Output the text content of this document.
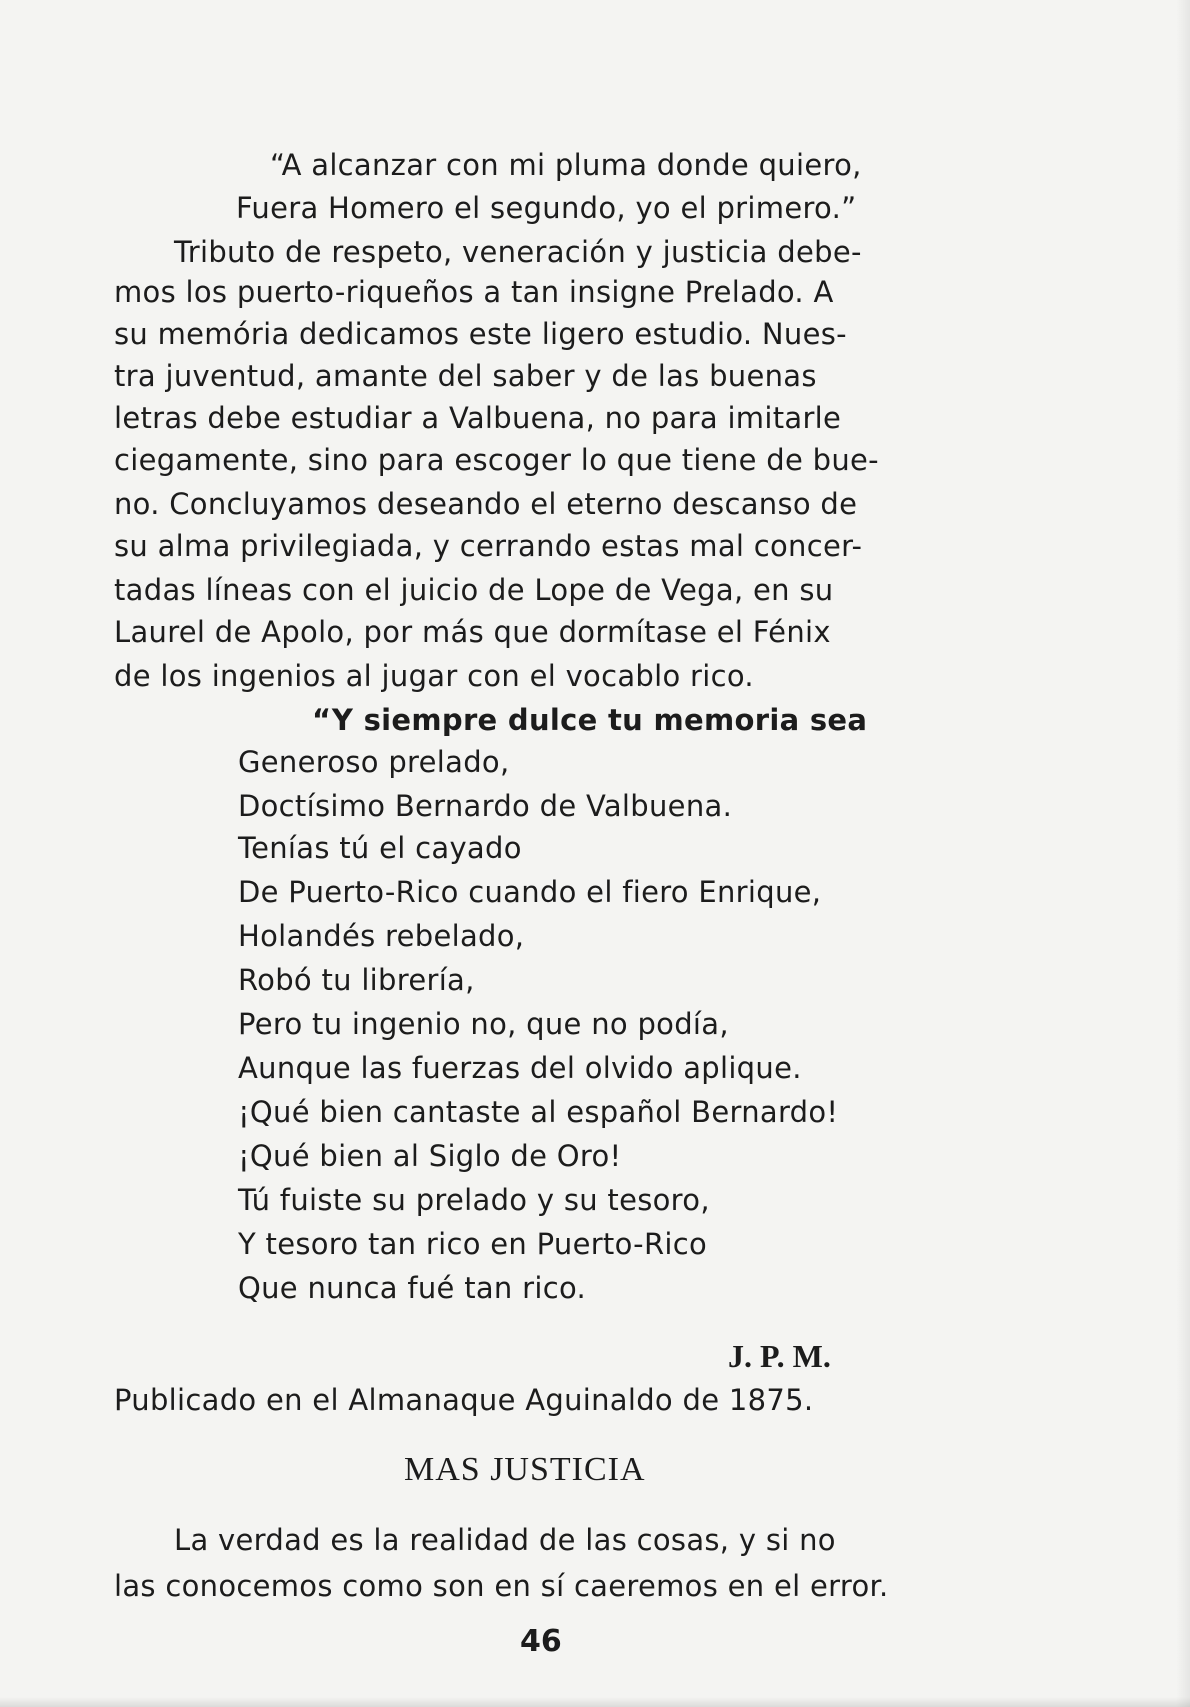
“A alcanzar con mi pluma donde quiero,
Fuera Homero el segundo, yo el primero.”
Tributo de respeto, veneración y justicia debe-
mos los puerto-riqueños a tan insigne Prelado. A
su memória dedicamos este ligero estudio. Nues-
tra juventud, amante del saber y de las buenas
letras debe estudiar a Valbuena, no para imitarle
ciegamente, sino para escoger lo que tiene de bue-
no. Concluyamos deseando el eterno descanso de
su alma privilegiada, y cerrando estas mal concer-
tadas líneas con el juicio de Lope de Vega, en su
Laurel de Apolo, por más que dormítase el Fénix
de los ingenios al jugar con el vocablo rico.
“Y siempre dulce tu memoria sea
Generoso prelado,
Doctísimo Bernardo de Valbuena.
Tenías tú el cayado
De Puerto-Rico cuando el fiero Enrique,
Holandés rebelado,
Robó tu librería,
Pero tu ingenio no, que no podía,
Aunque las fuerzas del olvido aplique.
¡Qué bien cantaste al español Bernardo!
¡Qué bien al Siglo de Oro!
Tú fuiste su prelado y su tesoro,
Y tesoro tan rico en Puerto-Rico
Que nunca fué tan rico.
J. P. M.
Publicado en el Almanaque Aguinaldo de 1875.
MAS JUSTICIA
La verdad es la realidad de las cosas, y si no
las conocemos como son en sí caeremos en el error.
46
